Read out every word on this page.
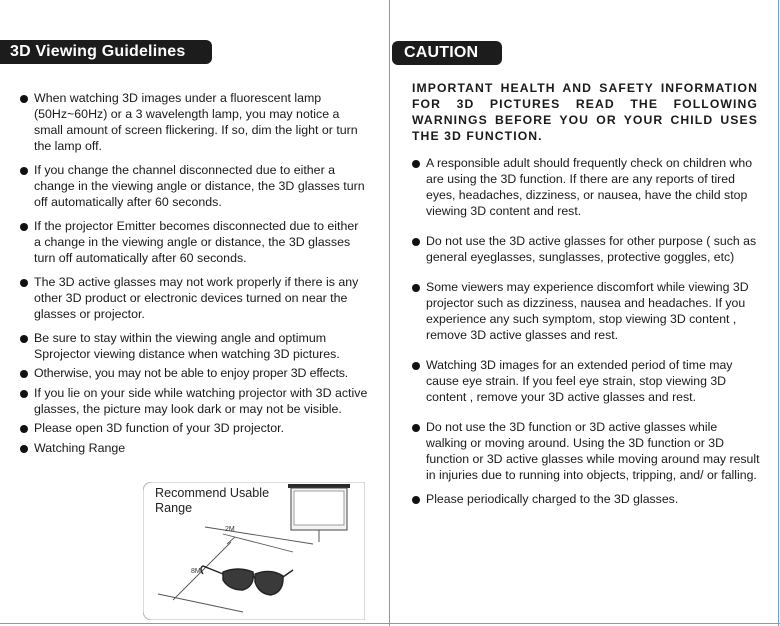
3D Viewing Guidelines
When watching 3D images under a fluorescent lamp (50Hz~60Hz) or a 3 wavelength lamp, you may notice a small amount of screen flickering. If so, dim the light or turn the lamp off.
If you change the channel disconnected due to either a change in the viewing angle or distance, the 3D glasses turn off automatically after 60 seconds.
If the projector Emitter becomes disconnected due to either a change in the viewing angle or distance, the 3D glasses turn off automatically after 60 seconds.
The 3D active glasses may not work properly if there is any other 3D product or electronic devices turned on near the glasses or projector.
Be sure to stay within the viewing angle and optimum Sprojector viewing distance when watching 3D pictures.
Otherwise, you may not be able to enjoy proper 3D effects.
If you lie on your side while watching projector with 3D active glasses, the picture may look dark or may not be visible.
Please open 3D function of your 3D projector.
Watching Range
Recommend Usable Range
2M
8M
CAUTION
IMPORTANT HEALTH AND SAFETY INFORMATION FOR 3D PICTURES READ THE FOLLOWING WARNINGS BEFORE YOU OR YOUR CHILD USES THE 3D FUNCTION.
A responsible adult should frequently check on children who are using the 3D function. If there are any reports of tired eyes, headaches, dizziness, or nausea, have the child stop viewing 3D content and rest.
Do not use the 3D active glasses for other purpose ( such as general eyeglasses, sunglasses, protective goggles, etc)
Some viewers may experience discomfort while viewing 3D projector such as dizziness, nausea and headaches. If you experience any such symptom, stop viewing 3D content , remove 3D active glasses and rest.
Watching 3D images for an extended period of time may cause eye strain. If you feel eye strain, stop viewing 3D content , remove your 3D active glasses and rest.
Do not use the 3D function or 3D active glasses while walking or moving around. Using the 3D function or 3D function or 3D active glasses while moving around may result in injuries due to running into objects, tripping, and/ or falling.
Please periodically charged to the 3D glasses.
